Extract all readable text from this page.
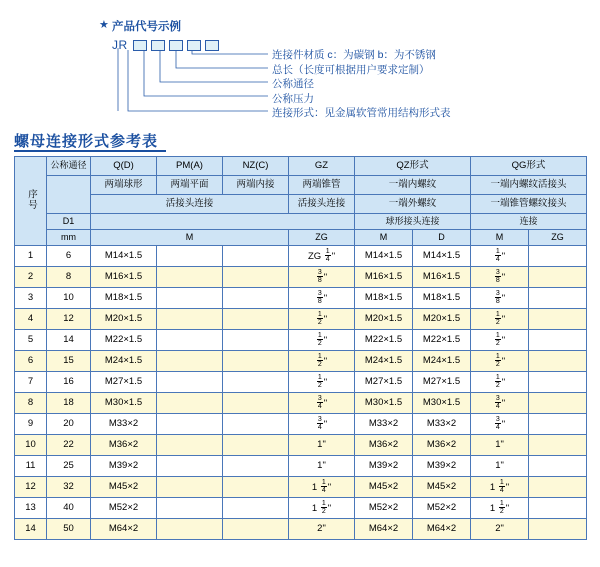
★ 产品代号示例
JR
连接件材质 c：为碳钢 b：为不锈钢
总长（长度可根据用户要求定制）
公称通径
公称压力
连接形式：见金属软管常用结构形式表
螺母连接形式参考表
序号	公称通径	Q(D)	PM(A)	NZ(C)	GZ	QZ形式		QG形式	
		两端球形	两端平面	两端内接	两端锥管	一端内螺纹		一端内螺纹活接头	
		活接头连接			活接头连接	一端外螺纹		一端锥管螺纹接头	
	D1					球形接头连接		连接	
	mm	M			ZG	M	D	M	ZG
1	6	M14×1.5			ZG $\frac{1}{4}$ "	M14×1.5	M14×1.5	$\frac{1}{4}$ "	
2	8	M16×1.5			$\frac{3}{8}$ "	M16×1.5	M16×1.5	$\frac{3}{8}$ "	
3	10	M18×1.5			$\frac{3}{8}$ "	M18×1.5	M18×1.5	$\frac{3}{8}$ "	
4	12	M20×1.5			$\frac{1}{2}$ "	M20×1.5	M20×1.5	$\frac{1}{2}$ "	
5	14	M22×1.5			$\frac{1}{2}$ "	M22×1.5	M22×1.5	$\frac{1}{2}$ "	
6	15	M24×1.5			$\frac{1}{2}$ "	M24×1.5	M24×1.5	$\frac{1}{2}$ "	
7	16	M27×1.5			$\frac{1}{2}$ "	M27×1.5	M27×1.5	$\frac{1}{2}$ "	
8	18	M30×1.5			$\frac{3}{4}$ "	M30×1.5	M30×1.5	$\frac{3}{4}$ "	
9	20	M33×2			$\frac{3}{4}$ "	M33×2	M33×2	$\frac{3}{4}$ "	
10	22	M36×2			1"	M36×2	M36×2	1"	
11	25	M39×2			1"	M39×2	M39×2	1"	
12	32	M45×2			$1 \frac{1}{4}$ "	M45×2	M45×2	$1 \frac{1}{4}$ "	
13	40	M52×2			$1 \frac{1}{2}$ "	M52×2	M52×2	$1 \frac{1}{2}$ "	
14	50	M64×2			2"	M64×2	M64×2	2"	
